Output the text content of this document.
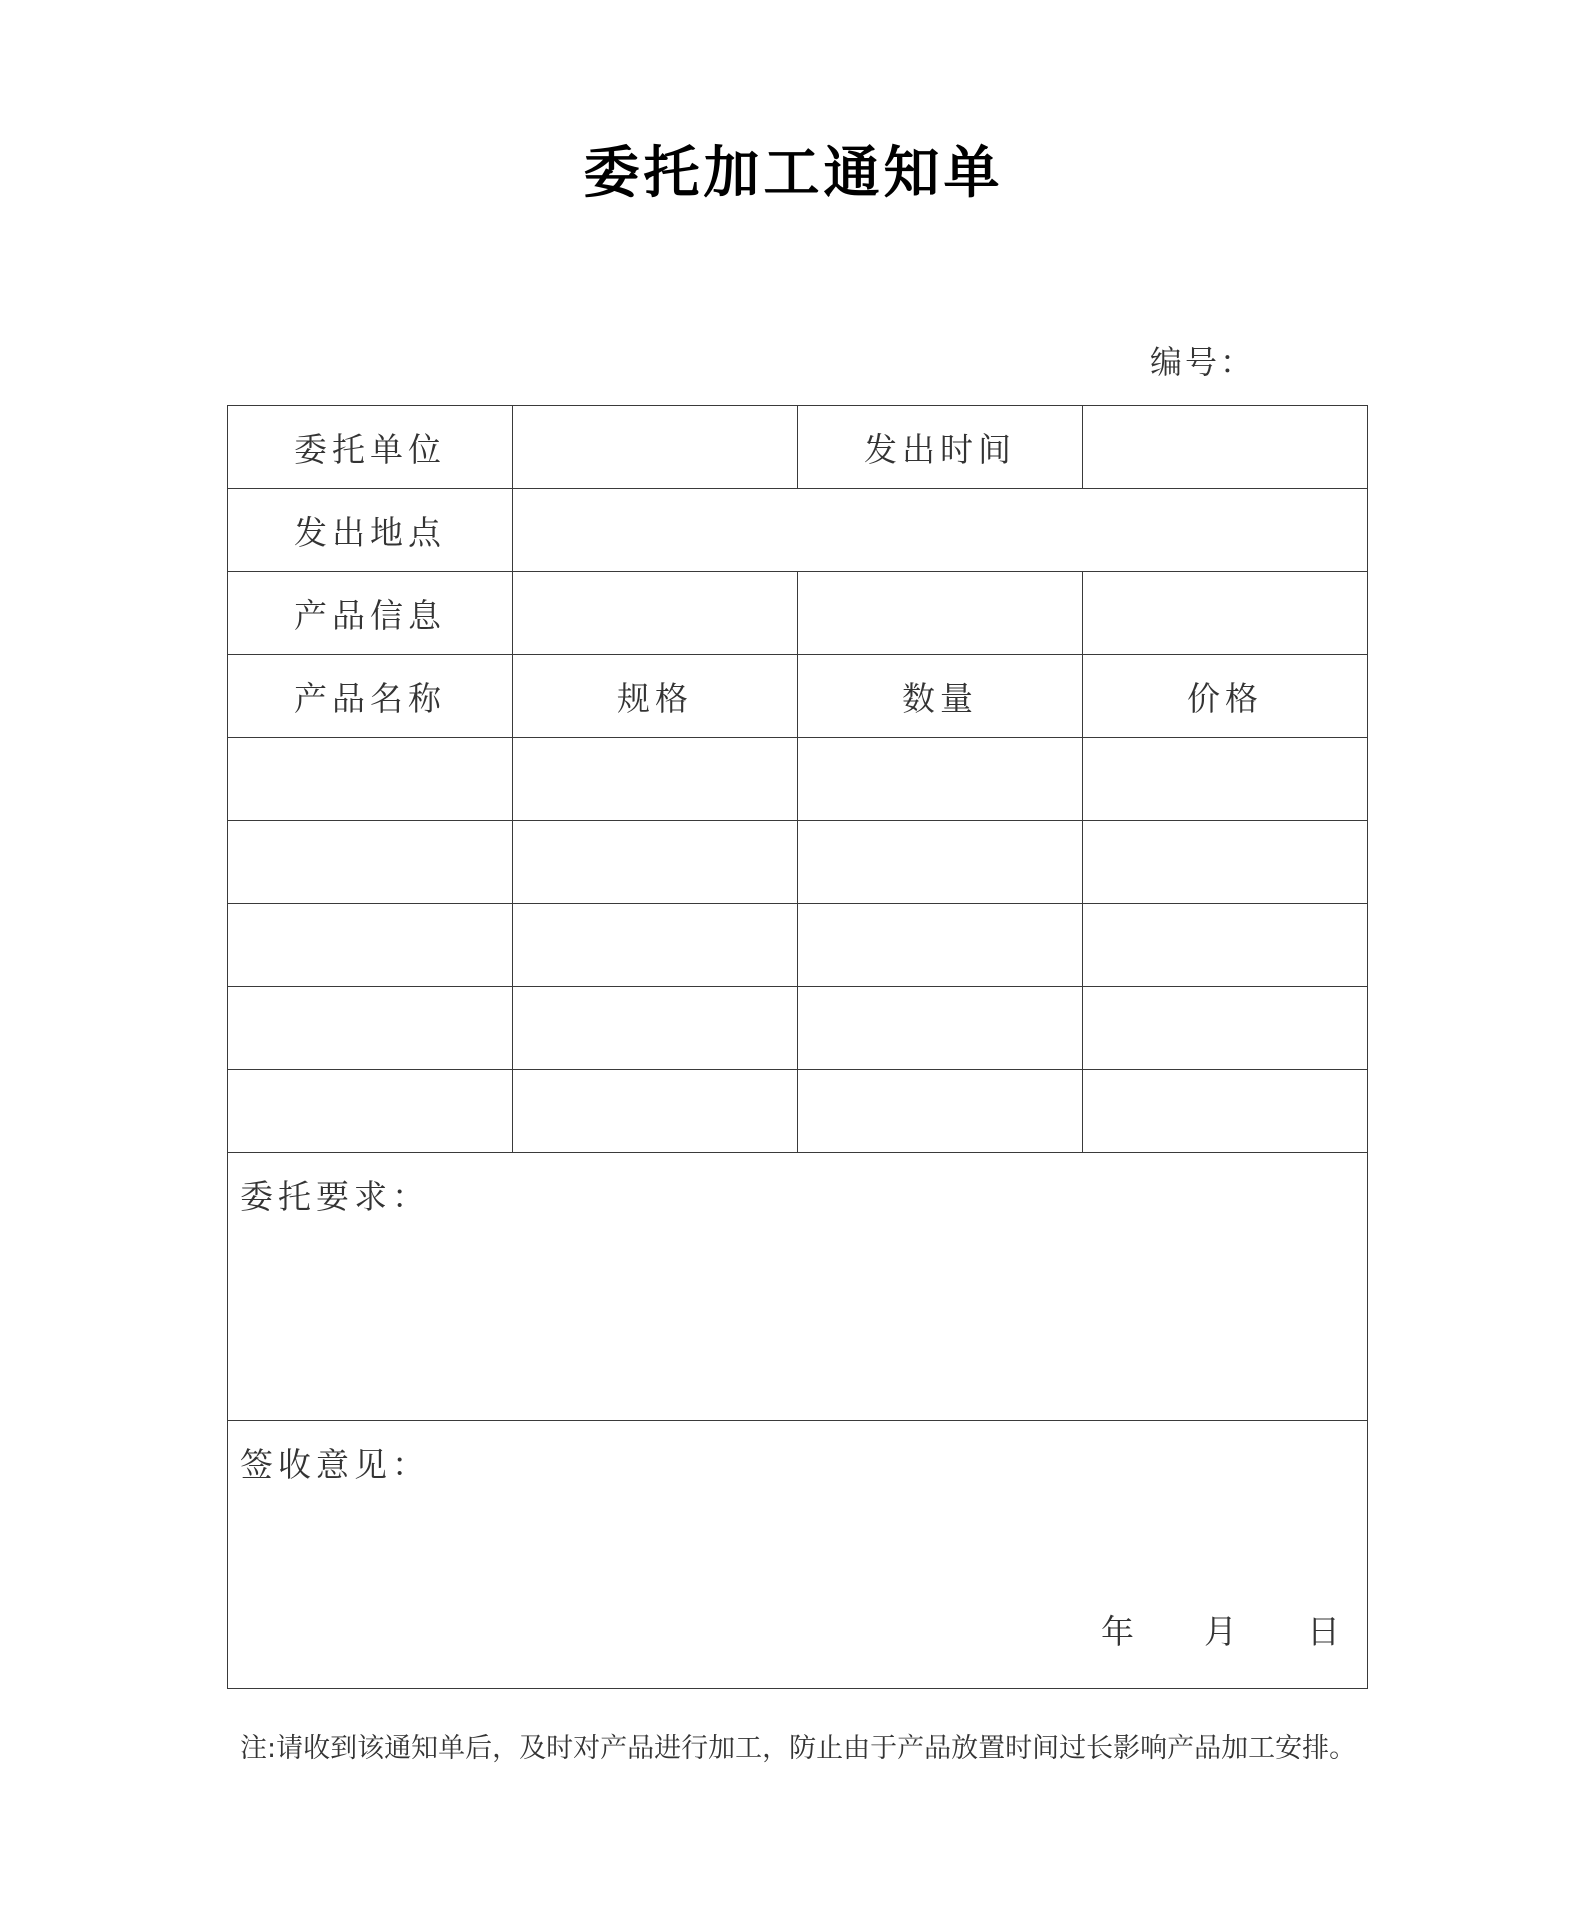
委托加工通知单
编号：
委托单位		发出时间	
发出地点			
产品信息			
产品名称	规格	数量	价格

委托要求：			

签收意见：
年 月 日			
注:请收到该通知单后，及时对产品进行加工，防止由于产品放置时间过长影响产品加工安排。
